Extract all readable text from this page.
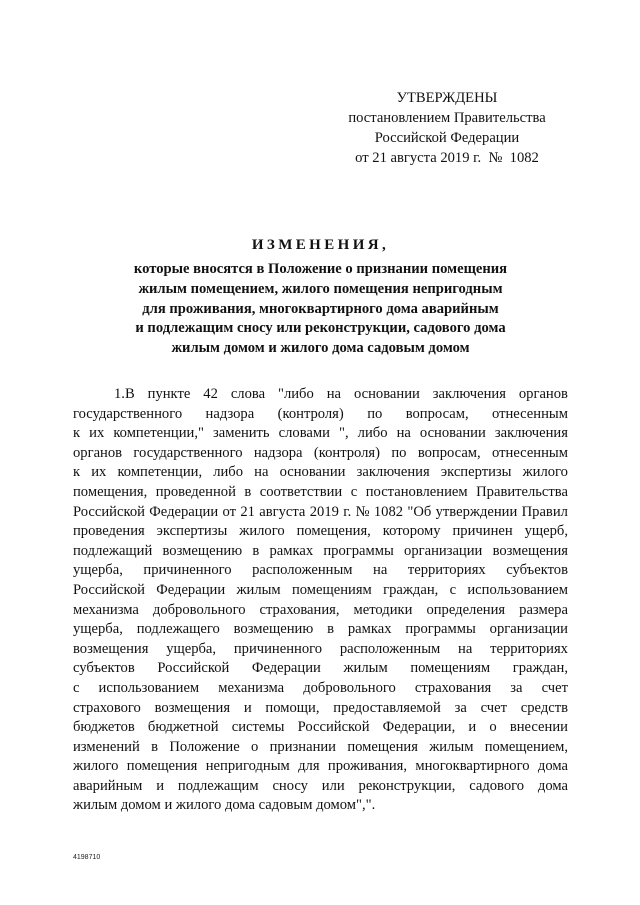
УТВЕРЖДЕНЫ
постановлением Правительства
Российской Федерации
от 21 августа 2019 г.  №  1082
ИЗМЕНЕНИЯ,
которые вносятся в Положение о признании помещения
жилым помещением, жилого помещения непригодным
для проживания, многоквартирного дома аварийным
и подлежащим сносу или реконструкции, садового дома
жилым домом и жилого дома садовым домом
1.В пункте 42 слова "либо на основании заключения органов
государственного надзора (контроля) по вопросам, отнесенным
к их компетенции," заменить словами ", либо на основании заключения
органов государственного надзора (контроля) по вопросам, отнесенным
к их компетенции, либо на основании заключения экспертизы жилого
помещения, проведенной в соответствии с постановлением Правительства
Российской Федерации от 21 августа 2019 г. № 1082 "Об утверждении Правил
проведения экспертизы жилого помещения, которому причинен ущерб,
подлежащий возмещению в рамках программы организации возмещения
ущерба, причиненного расположенным на территориях субъектов
Российской Федерации жилым помещениям граждан, с использованием
механизма добровольного страхования, методики определения размера
ущерба, подлежащего возмещению в рамках программы организации
возмещения ущерба, причиненного расположенным на территориях
субъектов Российской Федерации жилым помещениям граждан,
с использованием механизма добровольного страхования за счет
страхового возмещения и помощи, предоставляемой за счет средств
бюджетов бюджетной системы Российской Федерации, и о внесении
изменений в Положение о признании помещения жилым помещением,
жилого помещения непригодным для проживания, многоквартирного дома
аварийным и подлежащим сносу или реконструкции, садового дома
жилым домом и жилого дома садовым домом",".
4198710
